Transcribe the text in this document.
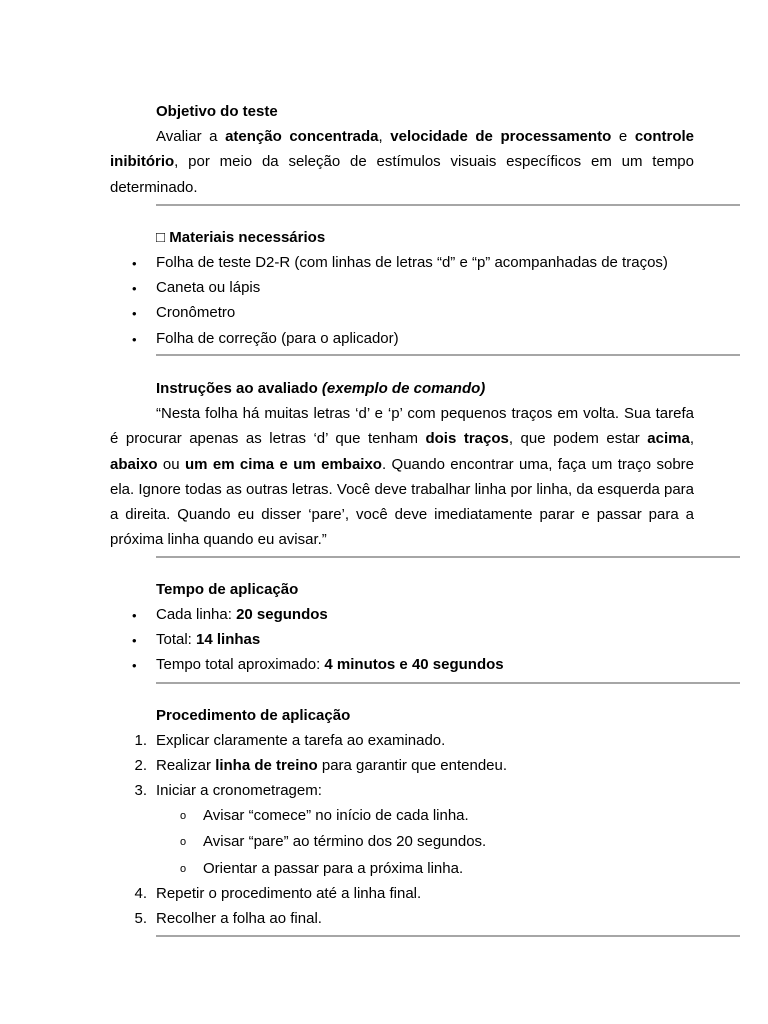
Objetivo do teste
Avaliar a atenção concentrada, velocidade de processamento e controle inibitório, por meio da seleção de estímulos visuais específicos em um tempo determinado.
□ Materiais necessários
• Folha de teste D2-R (com linhas de letras “d” e “p” acompanhadas de traços)
• Caneta ou lápis
• Cronômetro
• Folha de correção (para o aplicador)
Instruções ao avaliado (exemplo de comando)
“Nesta folha há muitas letras ‘d’ e ‘p’ com pequenos traços em volta. Sua tarefa é procurar apenas as letras ‘d’ que tenham dois traços, que podem estar acima, abaixo ou um em cima e um embaixo. Quando encontrar uma, faça um traço sobre ela. Ignore todas as outras letras. Você deve trabalhar linha por linha, da esquerda para a direita. Quando eu disser ‘pare’, você deve imediatamente parar e passar para a próxima linha quando eu avisar.”
Tempo de aplicação
• Cada linha: 20 segundos
• Total: 14 linhas
• Tempo total aproximado: 4 minutos e 40 segundos
Procedimento de aplicação
1. Explicar claramente a tarefa ao examinado.
2. Realizar linha de treino para garantir que entendeu.
3. Iniciar a cronometragem:
o Avisar “comece” no início de cada linha.
o Avisar “pare” ao término dos 20 segundos.
o Orientar a passar para a próxima linha.
4. Repetir o procedimento até a linha final.
5. Recolher a folha ao final.
